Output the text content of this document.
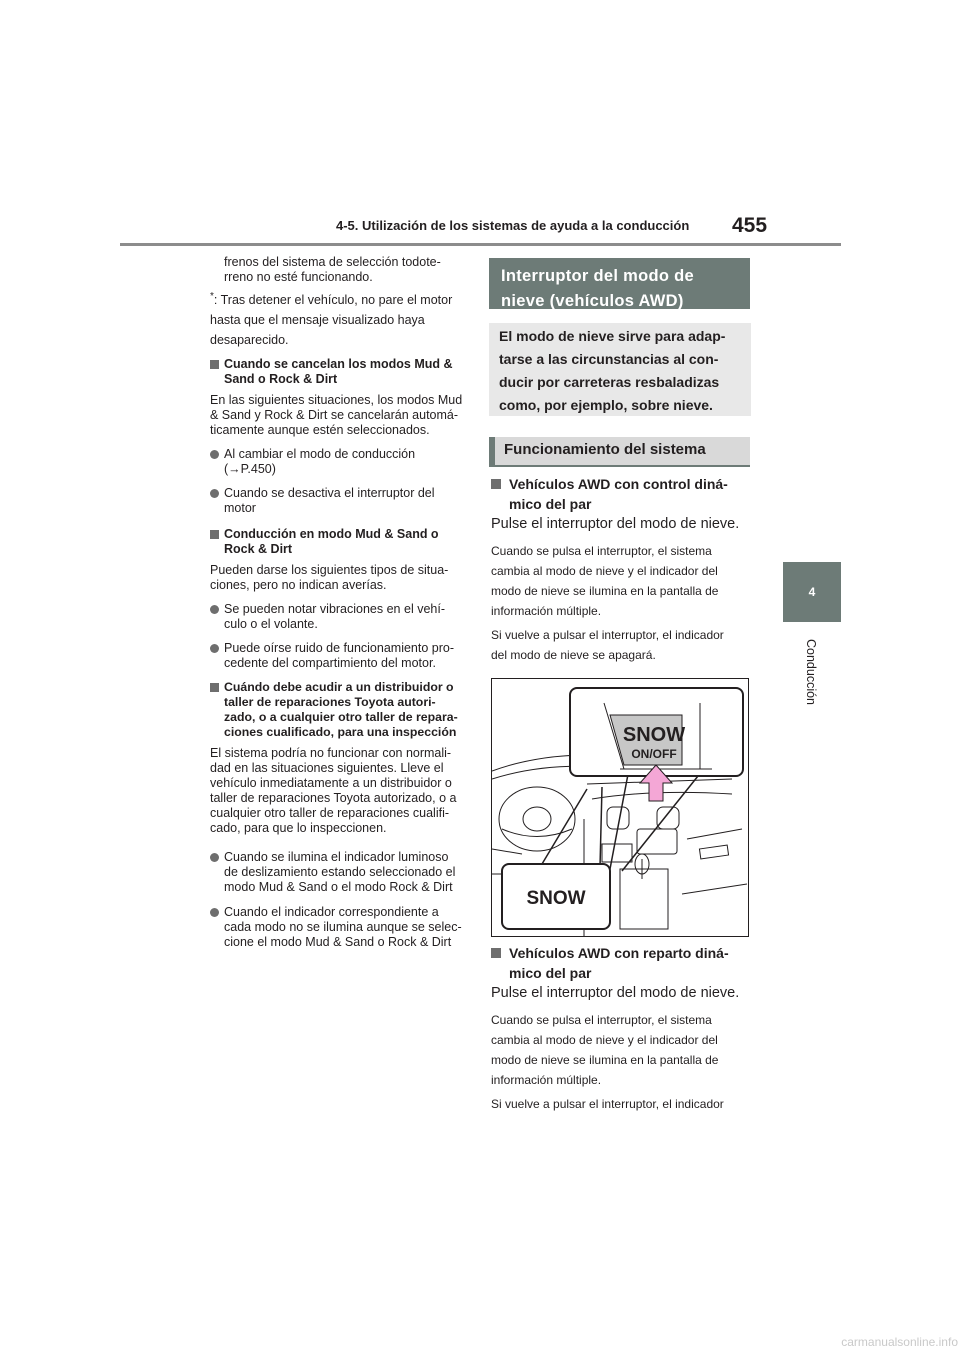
4-5. Utilización de los sistemas de ayuda a la conducción 455
4
Conducción
frenos del sistema de selección todote-
rreno no esté funcionando.
*: Tras detener el vehículo, no pare el motor
hasta que el mensaje visualizado haya
desaparecido.
Cuando se cancelan los modos Mud &
Sand o Rock & Dirt
En las siguientes situaciones, los modos Mud
& Sand y Rock & Dirt se cancelarán automá-
ticamente aunque estén seleccionados.
Al cambiar el modo de conducción
(→P.450)
Cuando se desactiva el interruptor del
motor
Conducción en modo Mud & Sand o
Rock & Dirt
Pueden darse los siguientes tipos de situa-
ciones, pero no indican averías.
Se pueden notar vibraciones en el vehí-
culo o el volante.
Puede oírse ruido de funcionamiento pro-
cedente del compartimiento del motor.
Cuándo debe acudir a un distribuidor o
taller de reparaciones Toyota autori-
zado, o a cualquier otro taller de repara-
ciones cualificado, para una inspección
El sistema podría no funcionar con normali-
dad en las situaciones siguientes. Lleve el
vehículo inmediatamente a un distribuidor o
taller de reparaciones Toyota autorizado, o a
cualquier otro taller de reparaciones cualifi-
cado, para que lo inspeccionen.
Cuando se ilumina el indicador luminoso
de deslizamiento estando seleccionado el
modo Mud & Sand o el modo Rock & Dirt
Cuando el indicador correspondiente a
cada modo no se ilumina aunque se selec-
cione el modo Mud & Sand o Rock & Dirt
Interruptor del modo de
nieve (vehículos AWD)
El modo de nieve sirve para adap-
tarse a las circunstancias al con-
ducir por carreteras resbaladizas
como, por ejemplo, sobre nieve.
Funcionamiento del sistema
Vehículos AWD con control diná-
mico del par
Pulse el interruptor del modo de nieve.
Cuando se pulsa el interruptor, el sistema
cambia al modo de nieve y el indicador del
modo de nieve se ilumina en la pantalla de
información múltiple.
Si vuelve a pulsar el interruptor, el indicador
del modo de nieve se apagará.
SNOW
ON/OFF
SNOW
Vehículos AWD con reparto diná-
mico del par
Pulse el interruptor del modo de nieve.
Cuando se pulsa el interruptor, el sistema
cambia al modo de nieve y el indicador del
modo de nieve se ilumina en la pantalla de
información múltiple.
Si vuelve a pulsar el interruptor, el indicador
carmanualsonline.info
